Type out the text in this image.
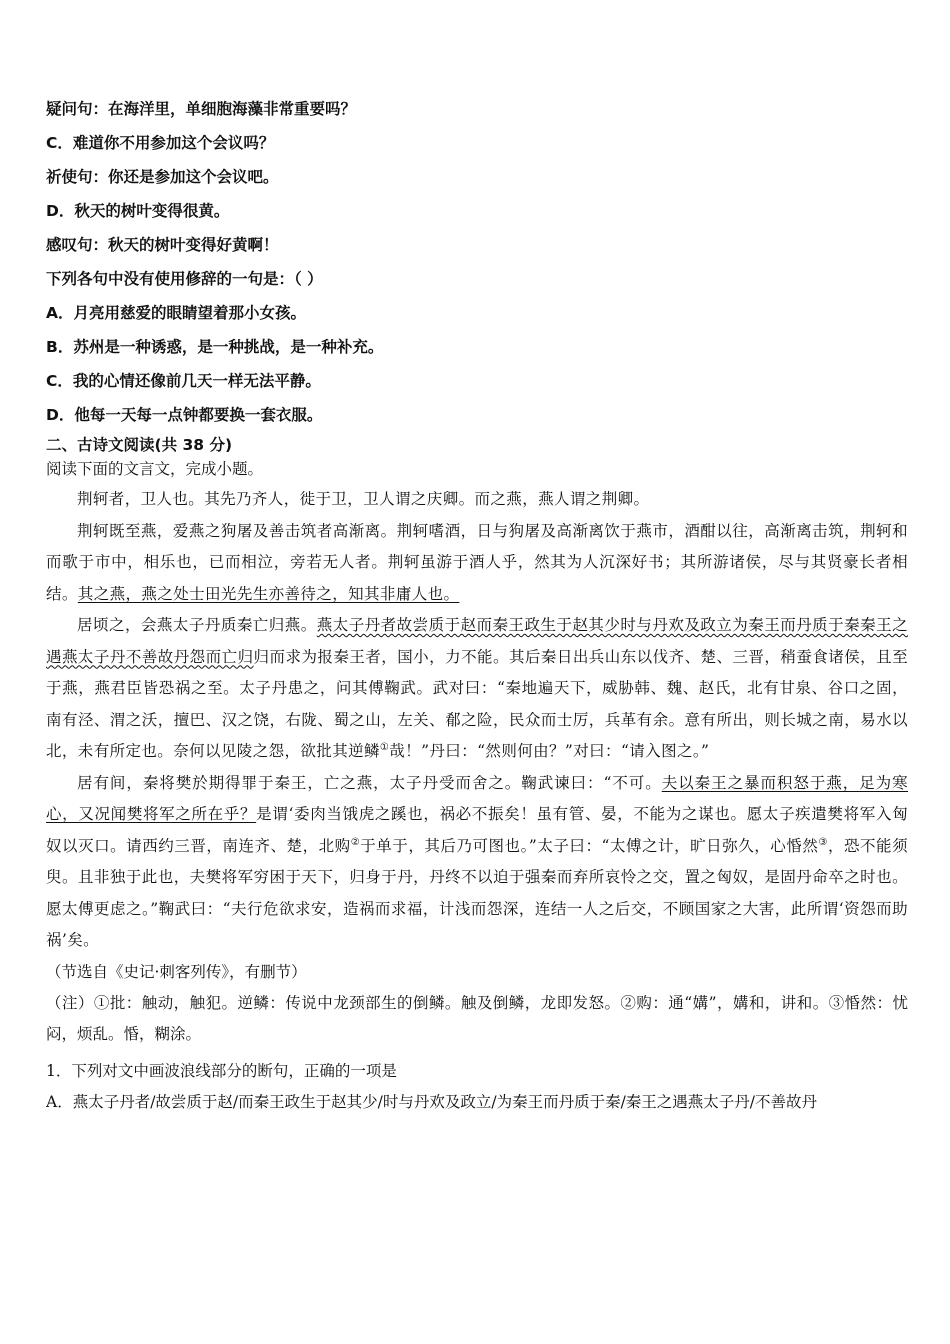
疑问句：在海洋里，单细胞海藻非常重要吗？
C．难道你不用参加这个会议吗？
祈使句：你还是参加这个会议吧。
D．秋天的树叶变得很黄。
感叹句：秋天的树叶变得好黄啊！
下列各句中没有使用修辞的一句是：（ ）
A．月亮用慈爱的眼睛望着那小女孩。
B．苏州是一种诱惑，是一种挑战，是一种补充。
C．我的心情还像前几天一样无法平静。
D．他每一天每一点钟都要换一套衣服。
二、古诗文阅读(共 38 分)
阅读下面的文言文，完成小题。
荆轲者，卫人也。其先乃齐人，徙于卫，卫人谓之庆卿。而之燕，燕人谓之荆卿。
荆轲既至燕，爱燕之狗屠及善击筑者高渐离。荆轲嗜酒，日与狗屠及高渐离饮于燕市，酒酣以往，高渐离击筑，荆轲和而歌于市中，相乐也，已而相泣，旁若无人者。荆轲虽游于酒人乎，然其为人沉深好书；其所游诸侯，尽与其贤豪长者相结。其之燕，燕之处士田光先生亦善待之，知其非庸人也。
居顷之，会燕太子丹质秦亡归燕。燕太子丹者故尝质于赵而秦王政生于赵其少时与丹欢及政立为秦王而丹质于秦秦王之遇燕太子丹不善故丹怨而亡归归而求为报秦王者，国小，力不能。其后秦日出兵山东以伐齐、楚、三晋，稍蚕食诸侯，且至于燕，燕君臣皆恐祸之至。太子丹患之，问其傅鞠武。武对曰：“秦地遍天下，威胁韩、魏、赵氏，北有甘泉、谷口之固，南有泾、渭之沃，擅巴、汉之饶，右陇、蜀之山，左关、郩之险，民众而士厉，兵革有余。意有所出，则长城之南，易水以北，未有所定也。奈何以见陵之怨，欲批其逆鳞①哉！”丹曰：“然则何由？”对曰：“请入图之。”
居有间，秦将樊於期得罪于秦王，亡之燕，太子丹受而舍之。鞠武谏曰：“不可。夫以秦王之暴而积怒于燕，足为寒心，又况闻樊将军之所在乎？是谓‘委肉当饿虎之蹊也，祸必不振矣！虽有管、晏，不能为之谋也。愿太子疾遣樊将军入匈奴以灭口。请西约三晋，南连齐、楚，北购②于单于，其后乃可图也。”太子曰：“太傅之计，旷日弥久，心惛然③，恐不能须臾。且非独于此也，夫樊将军穷困于天下，归身于丹，丹终不以迫于强秦而弃所哀怜之交，置之匈奴，是固丹命卒之时也。愿太傅更虑之。”鞠武曰：“夫行危欲求安，造祸而求福，计浅而怨深，连结一人之后交，不顾国家之大害，此所谓‘资怨而助祸’矣。
（节选自《史记·刺客列传》，有删节）
（注）①批：触动，触犯。逆鳞：传说中龙颈部生的倒鳞。触及倒鳞，龙即发怒。②购：通“媾”，媾和，讲和。③惛然：忧闷，烦乱。惛，糊涂。
1．下列对文中画波浪线部分的断句，正确的一项是
A．燕太子丹者/故尝质于赵/而秦王政生于赵其少/时与丹欢及政立/为秦王而丹质于秦/秦王之遇燕太子丹/不善故丹
